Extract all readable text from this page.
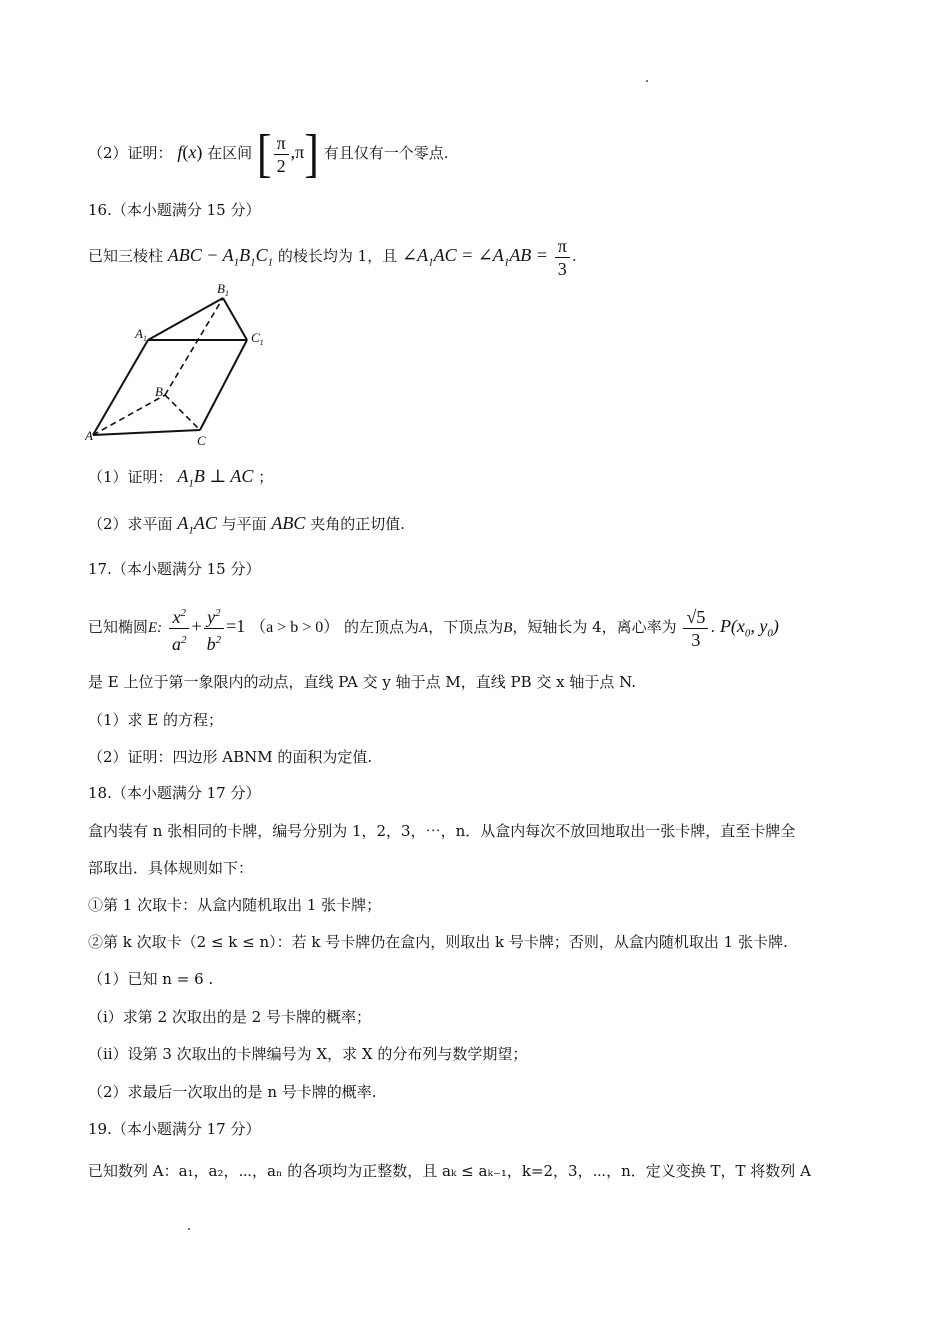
（2）证明： f(x) 在区间 [ $\frac{\pi}{2} ,\pi$] 有且仅有一个零点.
16.（本小题满分 15 分）
已知三棱柱 ABC − $A_1B_1C_1$ 的棱长均为 1，且 $\angle A_1AC$ = $\angle A_1AB = \frac{\pi}{3}$ .
A	C
B
$A_1$
$B_1$
$C_1$
（1）证明： $A_1B$ ⊥ AC ；
（2）求平面 $A_1AC$ 与平面 ABC 夹角的正切值.
17.（本小题满分 15 分）
已知椭圆E: $\frac{x^2}{a^2} + \frac{y^2}{b^2} =1$ （a > b > 0） 的左顶点为A，下顶点为B，短轴长为 4，离心率为 $\frac{√5}{3}$ . $P(x_0$, $y_0$)
是 E 上位于第一象限内的动点，直线 PA 交 y 轴于点 M，直线 PB 交 x 轴于点 N.
（1）求 E 的方程；
（2）证明：四边形 ABNM 的面积为定值.
18.（本小题满分 17 分）
盒内装有 n 张相同的卡牌，编号分别为 1，2，3，⋯，n．从盒内每次不放回地取出一张卡牌，直至卡牌全
部取出．具体规则如下：
①第 1 次取卡：从盒内随机取出 1 张卡牌；
②第 k 次取卡（2 ≤ k ≤ n）：若 k 号卡牌仍在盒内，则取出 k 号卡牌；否则，从盒内随机取出 1 张卡牌.
（1）已知 n = 6 .
（ⅰ）求第 2 次取出的是 2 号卡牌的概率；
（ⅱ）设第 3 次取出的卡牌编号为 X，求 X 的分布列与数学期望；
（2）求最后一次取出的是 n 号卡牌的概率.
19.（本小题满分 17 分）
已知数列 A：a₁，a₂，⋯，aₙ 的各项均为正整数，且 aₖ ≤ aₖ₋₁，k=2，3，⋯，n．定义变换 T，T 将数列 A
